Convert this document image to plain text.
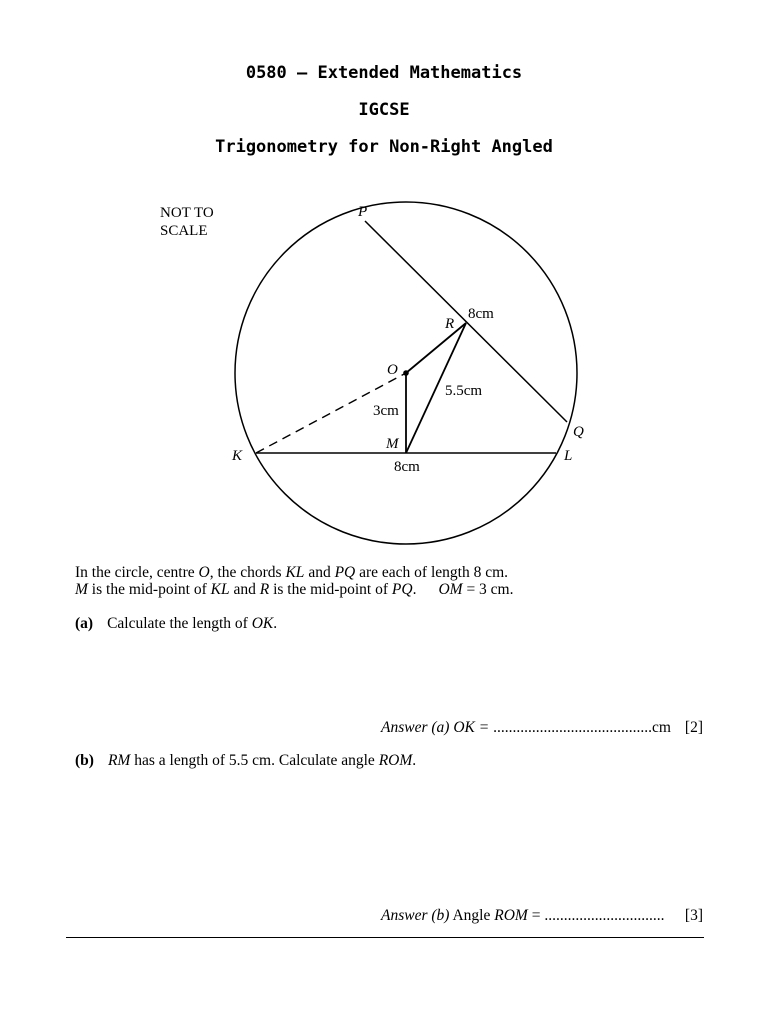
0580 – Extended Mathematics
IGCSE
Trigonometry for Non-Right Angled
NOT TO
SCALE
P
Q
R
O
M
K	L
8cm
5.5cm
3cm
8cm
In the circle, centre O, the chords KL and PQ are each of length 8 cm.
M is the mid-point of KL and R is the mid-point of PQ. OM = 3 cm.
(a) Calculate the length of OK.
Answer (a) OK = .........................................cm [2]
(b) RM has a length of 5.5 cm. Calculate angle ROM.
Answer (b) Angle ROM = ............................... [3]
